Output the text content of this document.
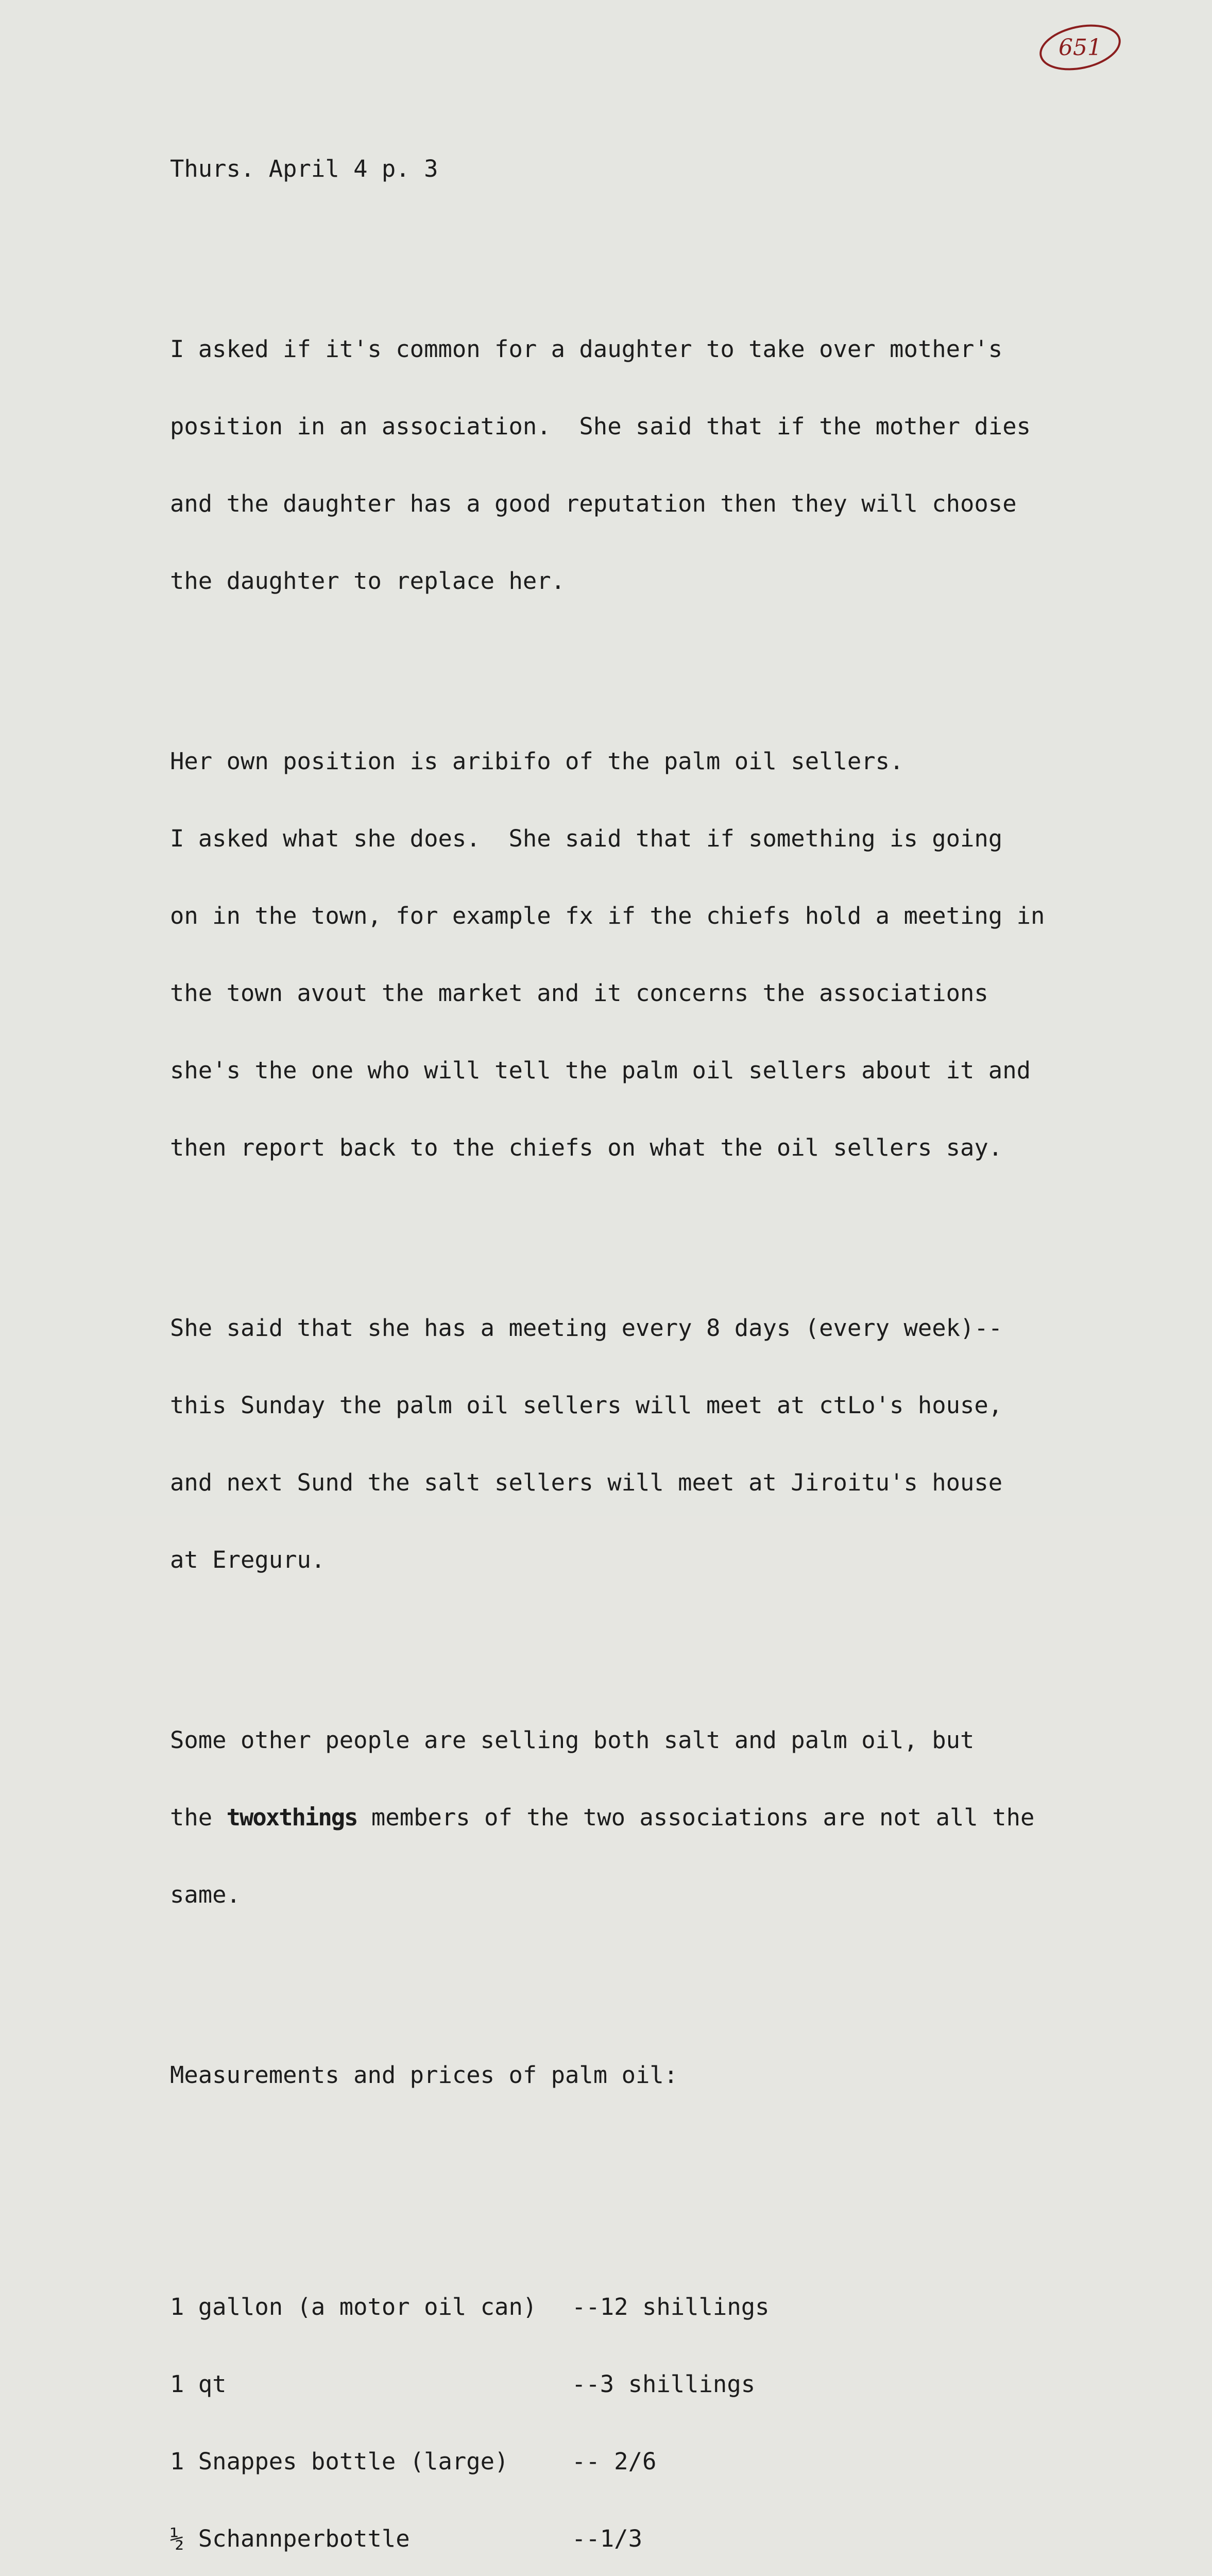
651

Thurs. April 4 p. 3

I asked if it's common for a daughter to take over mother's

position in an association.  She said that if the mother dies

and the daughter has a good reputation then they will choose

the daughter to replace her.

Her own position is aribifo of the palm oil sellers.

I asked what she does.  She said that if something is going

on in the town, for example fx if the chiefs hold a meeting in

the town avout the market and it concerns the associations

she's the one who will tell the palm oil sellers about it and

then report back to the chiefs on what the oil sellers say.

She said that she has a meeting every 8 days (every week)--

this Sunday the palm oil sellers will meet at ctLo's house,

and next Sund the salt sellers will meet at Jiroitu's house

at Ereguru.

Some other people are selling both salt and palm oil, but

the twoxthings members of the two associations are not all the

same.

Measurements and prices of palm oil:

1 gallon (a motor oil can) --12 shillings

1 qt	--3 shillings

1 Snappes bottle (large)	-- 2/6

½ Schannperbottle	--1/3
